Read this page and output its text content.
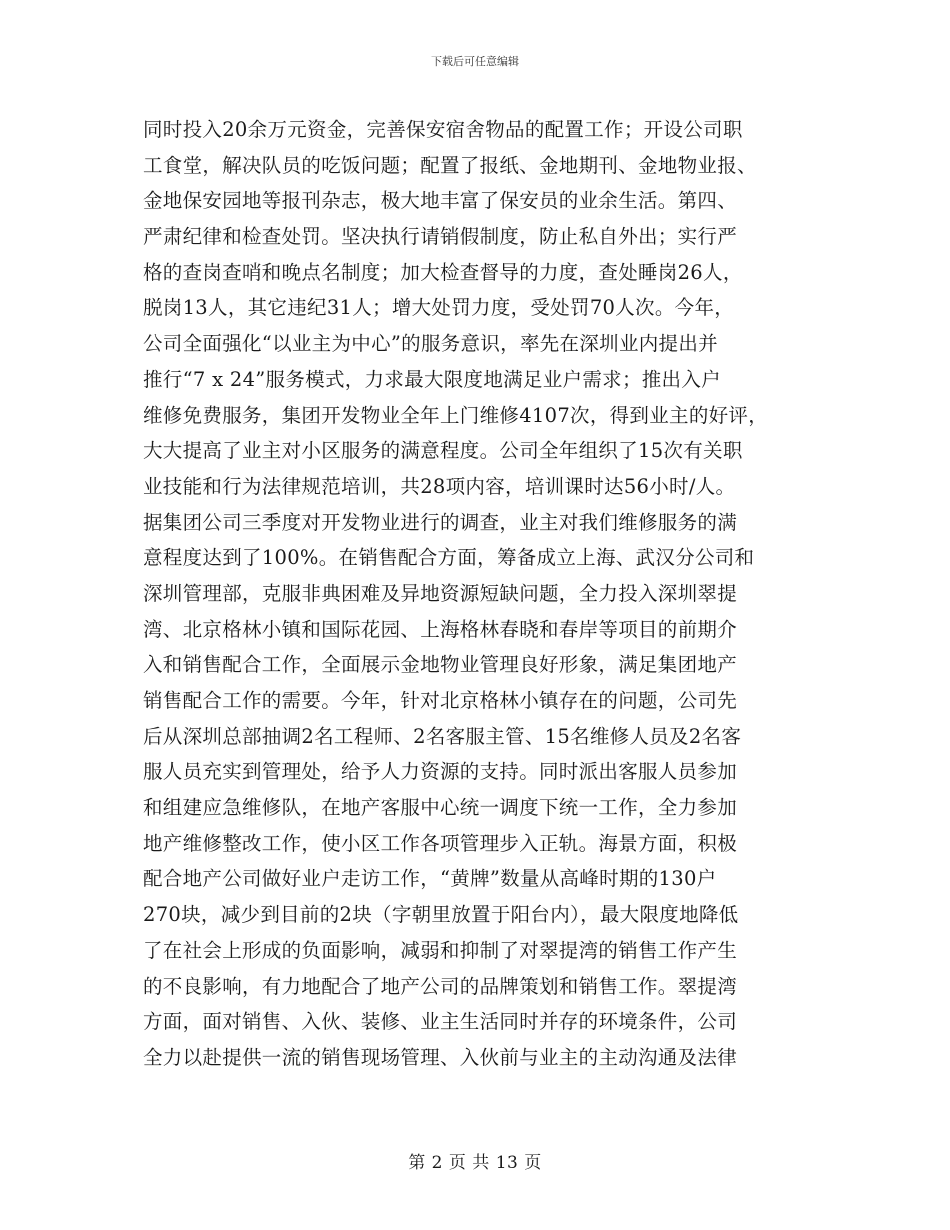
下载后可任意编辑
同时投入20余万元资金，完善保安宿舍物品的配置工作；开设公司职
工食堂，解决队员的吃饭问题；配置了报纸、金地期刊、金地物业报、
金地保安园地等报刊杂志，极大地丰富了保安员的业余生活。第四、
严肃纪律和检查处罚。坚决执行请销假制度，防止私自外出；实行严
格的查岗查哨和晚点名制度；加大检查督导的力度，查处睡岗26人，
脱岗13人，其它违纪31人；增大处罚力度，受处罚70人次。今年，
公司全面强化“以业主为中心”的服务意识，率先在深圳业内提出并
推行“7 x 24”服务模式，力求最大限度地满足业户需求；推出入户
维修免费服务，集团开发物业全年上门维修4107次，得到业主的好评，
大大提高了业主对小区服务的满意程度。公司全年组织了15次有关职
业技能和行为法律规范培训，共28项内容，培训课时达56小时/人。
据集团公司三季度对开发物业进行的调查，业主对我们维修服务的满
意程度达到了100%。在销售配合方面，筹备成立上海、武汉分公司和
深圳管理部，克服非典困难及异地资源短缺问题，全力投入深圳翠提
湾、北京格林小镇和国际花园、上海格林春晓和春岸等项目的前期介
入和销售配合工作，全面展示金地物业管理良好形象，满足集团地产
销售配合工作的需要。今年，针对北京格林小镇存在的问题，公司先
后从深圳总部抽调2名工程师、2名客服主管、15名维修人员及2名客
服人员充实到管理处，给予人力资源的支持。同时派出客服人员参加
和组建应急维修队，在地产客服中心统一调度下统一工作，全力参加
地产维修整改工作，使小区工作各项管理步入正轨。海景方面，积极
配合地产公司做好业户走访工作，“黄牌”数量从高峰时期的130户
270块，减少到目前的2块（字朝里放置于阳台内），最大限度地降低
了在社会上形成的负面影响，减弱和抑制了对翠提湾的销售工作产生
的不良影响，有力地配合了地产公司的品牌策划和销售工作。翠提湾
方面，面对销售、入伙、装修、业主生活同时并存的环境条件，公司
全力以赴提供一流的销售现场管理、入伙前与业主的主动沟通及法律
第 2 页 共 13 页
